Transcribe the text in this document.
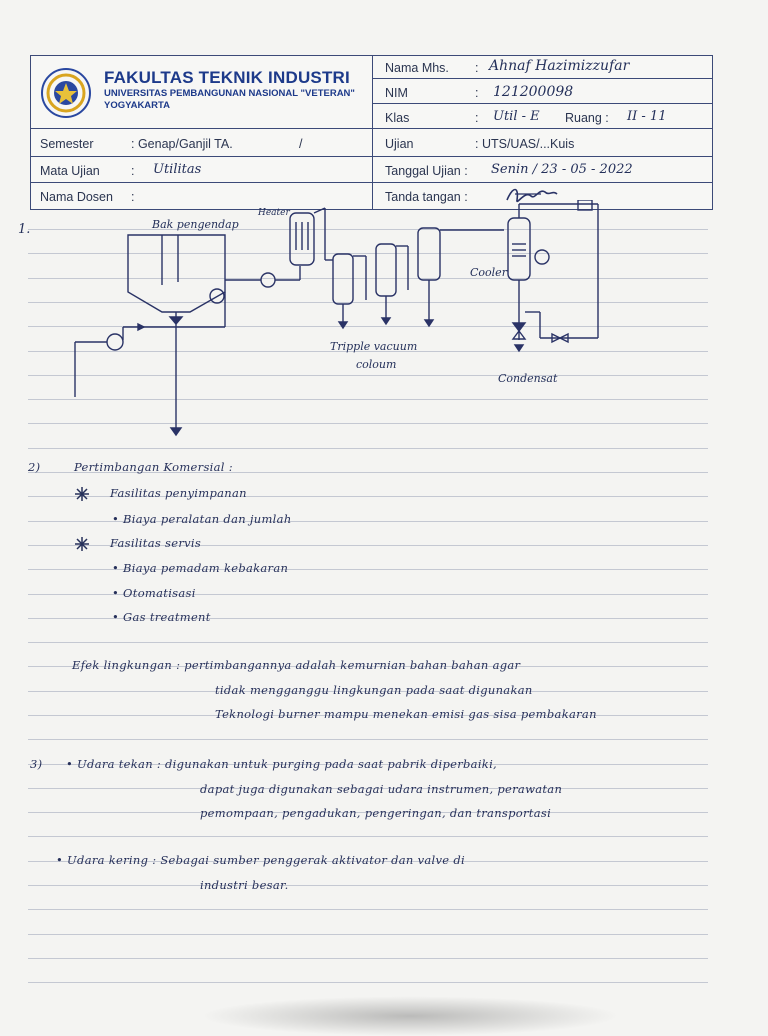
FAKULTAS TEKNIK INDUSTRI
UNIVERSITAS PEMBANGUNAN NASIONAL "VETERAN"
YOGYAKARTA
Semester	: Genap/Ganjil TA.	/
Mata Ujian	: Utilitas
Nama Dosen :
Nama Mhs. : Ahnaf Hazimizzufar
NIM	: 121200098
Klas	: Util - E Ruang : II - 11
Ujian	: UTS/UAS/...Kuis
Tanggal Ujian : Senin / 23 - 05 - 2022
Tanda tangan :
1.	Bak pengendap
Heater
Tripple vacuum
coloum
Cooler
Condensat
2)	Pertimbangan Komersial :
Fasilitas penyimpanan
• Biaya peralatan dan jumlah
Fasilitas servis
• Biaya pemadam kebakaran
• Otomatisasi
• Gas treatment
Efek lingkungan : pertimbangannya adalah kemurnian bahan bahan agar
tidak mengganggu lingkungan pada saat digunakan
Teknologi burner mampu menekan emisi gas sisa pembakaran
3) • Udara tekan : digunakan untuk purging pada saat pabrik diperbaiki,
dapat juga digunakan sebagai udara instrumen, perawatan
pemompaan, pengadukan, pengeringan, dan transportasi
• Udara kering : Sebagai sumber penggerak aktivator dan valve di
industri besar.
